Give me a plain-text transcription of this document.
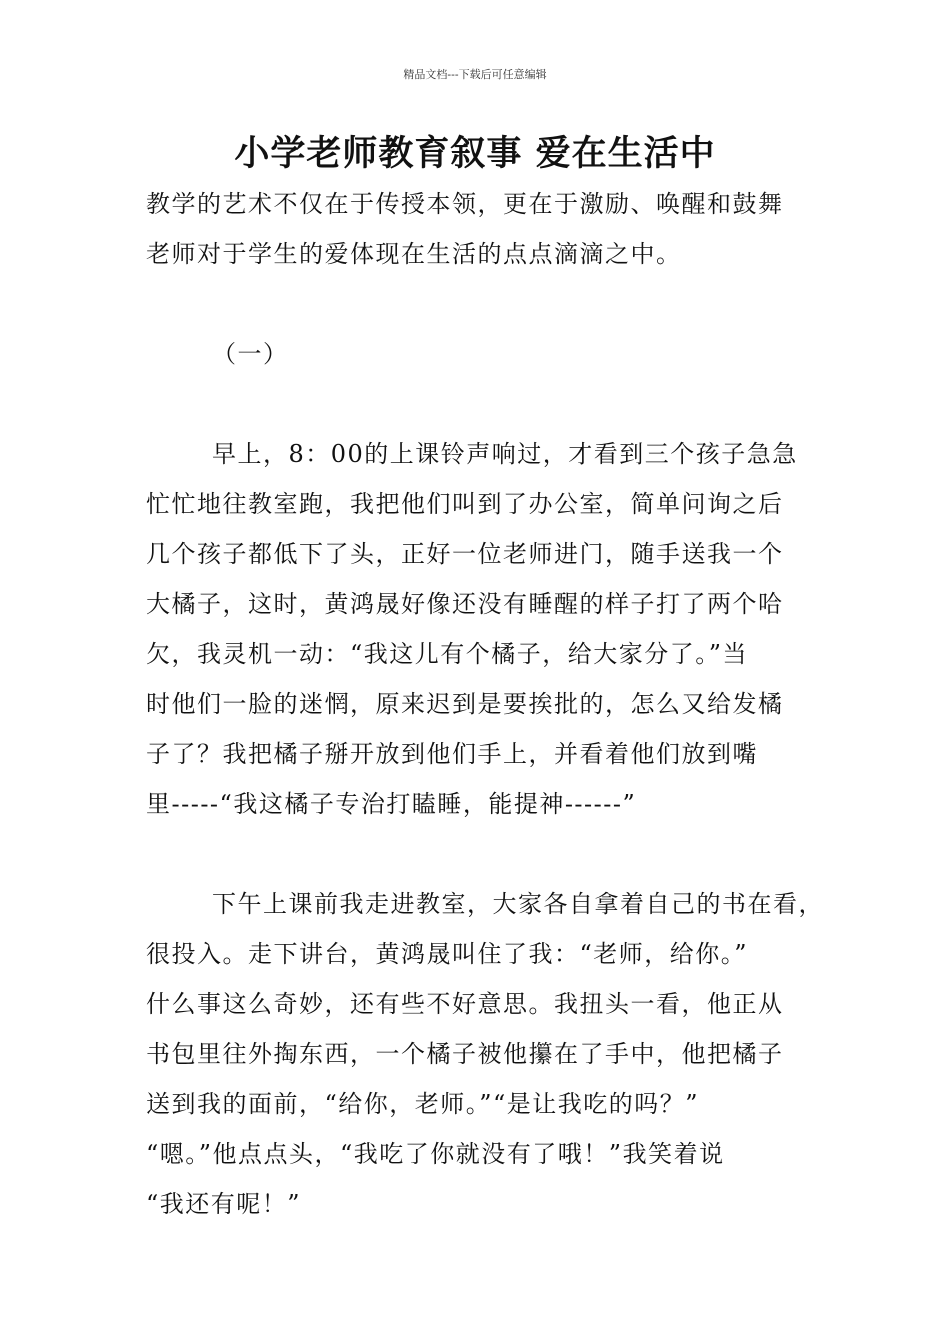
精品文档---下载后可任意编辑
小学老师教育叙事 爱在生活中
教学的艺术不仅在于传授本领，更在于激励、唤醒和鼓舞
老师对于学生的爱体现在生活的点点滴滴之中。
（一）
早上，8：00的上课铃声响过，才看到三个孩子急急
忙忙地往教室跑，我把他们叫到了办公室，简单问询之后
几个孩子都低下了头，正好一位老师进门，随手送我一个
大橘子，这时，黄鸿晟好像还没有睡醒的样子打了两个哈
欠，我灵机一动：“我这儿有个橘子，给大家分了。”当
时他们一脸的迷惘，原来迟到是要挨批的，怎么又给发橘
子了？我把橘子掰开放到他们手上，并看着他们放到嘴
里-----“我这橘子专治打瞌睡，能提神------”
下午上课前我走进教室，大家各自拿着自己的书在看，
很投入。走下讲台，黄鸿晟叫住了我：“老师，给你。”
什么事这么奇妙，还有些不好意思。我扭头一看，他正从
书包里往外掏东西，一个橘子被他攥在了手中，他把橘子
送到我的面前，“给你，老师。”“是让我吃的吗？”
“嗯。”他点点头，“我吃了你就没有了哦！”我笑着说
“我还有呢！”
